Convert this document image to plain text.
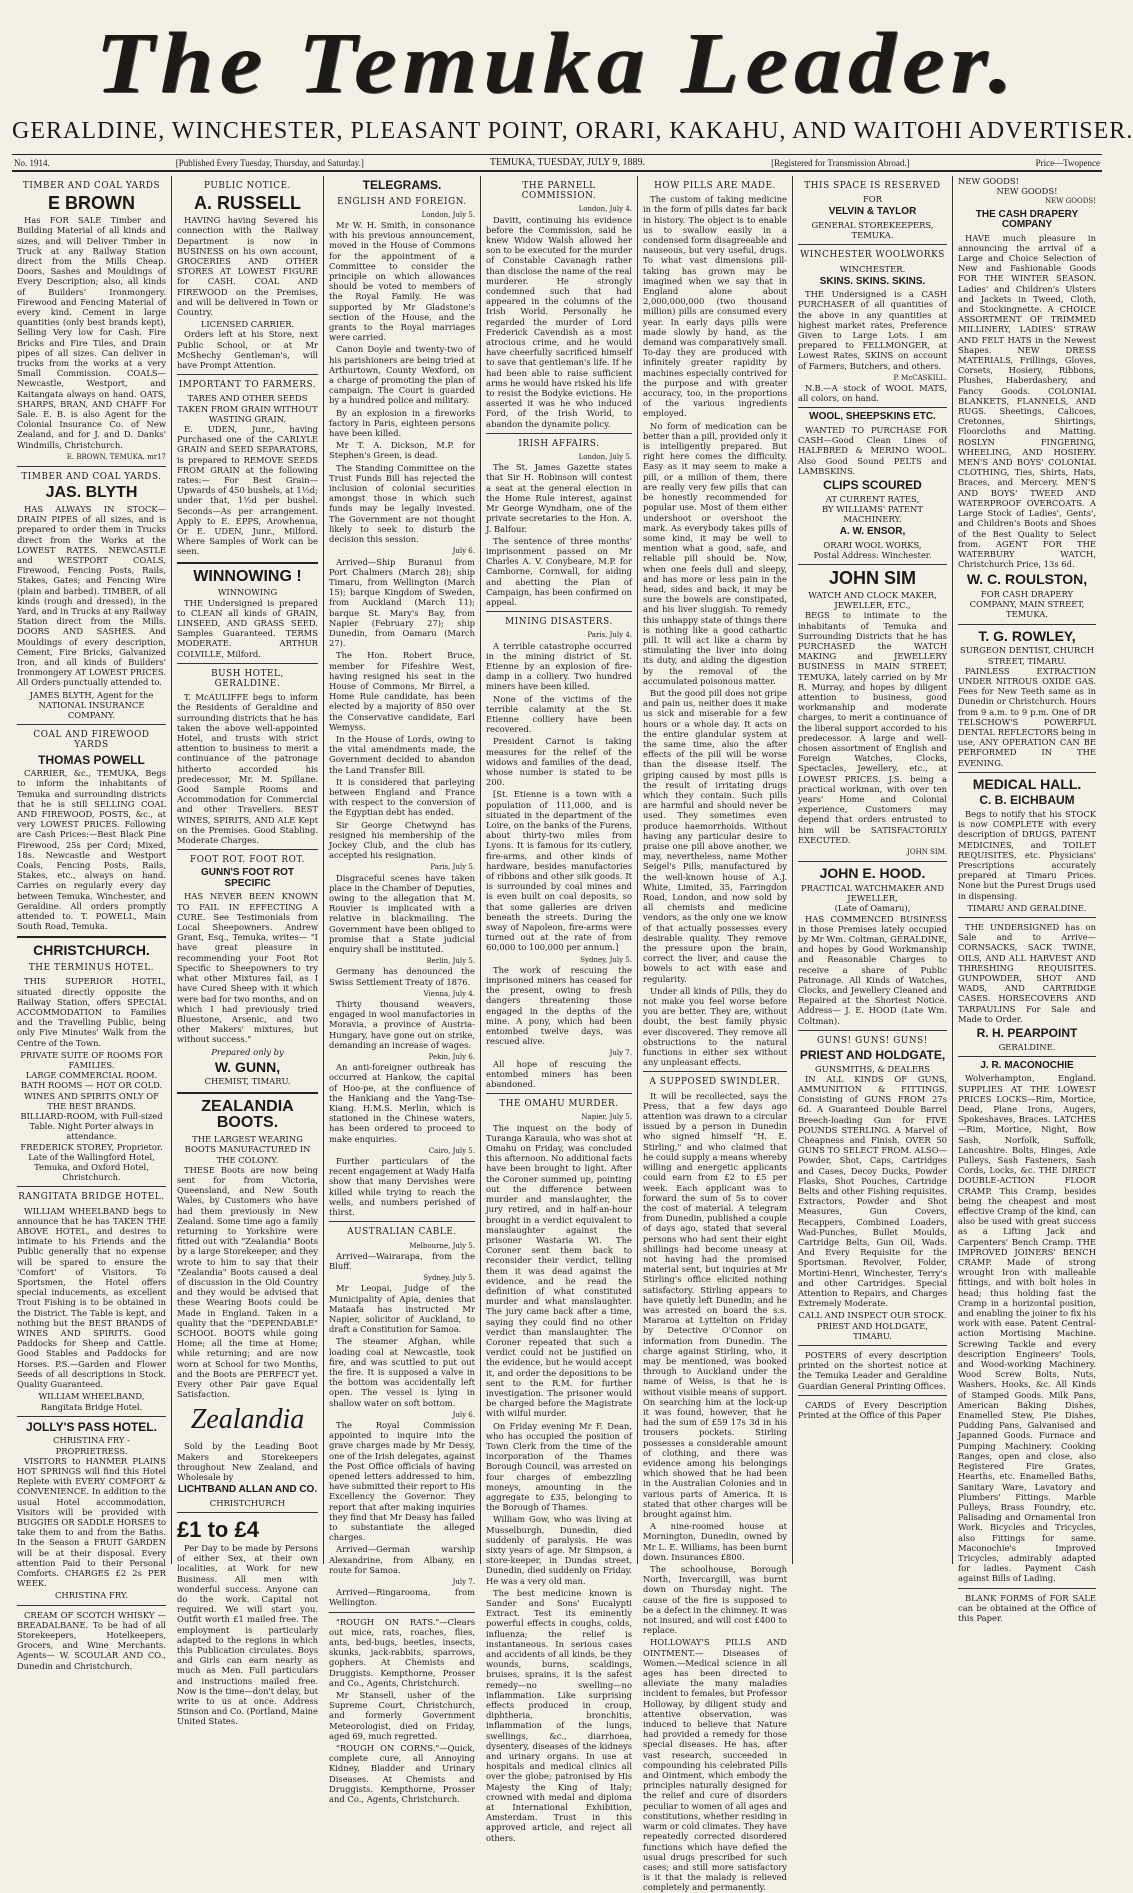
The Temuka Leader.
GERALDINE, WINCHESTER, PLEASANT POINT, ORARI, KAKAHU, AND WAITOHI ADVERTISER.
No. 1914.	[Published Every Tuesday, Thursday, and Saturday.]	TEMUKA, TUESDAY, JULY 9, 1889.	[Registered for Transmission Abroad.]	Price—Twopence
TIMBER AND COAL YARDS
E BROWN
Has FOR SALE Timber and Building Material of all kinds and sizes, and will Deliver Timber in Truck at any Railway Station direct from the Mills Cheap. Doors, Sashes and Mouldings of Every Description; also, all kinds of Builders' Ironmongery. Firewood and Fencing Material of every kind. Cement in large quantities (only best brands kept), Selling Very low for Cash. Fire Bricks and Fire Tiles, and Drain pipes of all sizes. Can deliver in trucks from the works at a very Small Commission. COALS—Newcastle, Westport, and Kaitangata always on hand. OATS, SHARPS, BRAN, AND CHAFF For Sale. E. B. is also Agent for the Colonial Insurance Co. of New Zealand, and for J. and D. Danks' Windmills, Christchurch.
E. BROWN, TEMUKA, mr17
TIMBER AND COAL YARDS.
JAS. BLYTH
HAS ALWAYS IN STOCK— DRAIN PIPES of all sizes, and is prepared to order them in Trucks direct from the Works at the LOWEST RATES. NEWCASTLE and WESTPORT COALS, Firewood, Fencing Posts, Rails, Stakes, Gates; and Fencing Wire (plain and barbed). TIMBER, of all kinds (rough and dressed), in the Yard, and in Trucks at any Railway Station direct from the Mills. DOORS AND SASHES. And Mouldings of every description, Cement, Fire Bricks, Galvanized Iron, and all kinds of Builders' Ironmongery AT LOWEST PRICES. All Orders punctually attended to.
JAMES BLYTH, Agent for the NATIONAL INSURANCE COMPANY.
COAL AND FIREWOOD YARDS
THOMAS POWELL
CARRIER, &c., TEMUKA, Begs to inform the inhabitants of Temuka and surrounding districts that he is still SELLING COAL AND FIREWOOD, POSTS, &c., at very LOWEST PRICES. Following are Cash Prices:—Best Black Pine Firewood, 25s per Cord; Mixed, 18s. Newcastle and Westport Coals, Fencing Posts, Rails, Stakes, etc., always on hand. Carries on regularly every day between Temuka, Winchester, and Geraldine. All orders promptly attended to. T. POWELL, Main South Road, Temuka.
CHRISTCHURCH.
THE TERMINUS HOTEL.
THIS SUPERIOR HOTEL, situated directly opposite the Railway Station, offers SPECIAL ACCOMMODATION to Families and the Travelling Public, being only Five Minutes' Walk from the Centre of the Town.
PRIVATE SUITE OF ROOMS FOR FAMILIES.
LARGE COMMERCIAL ROOM.
BATH ROOMS — HOT OR COLD.
WINES AND SPIRITS ONLY OF THE BEST BRANDS.
BILLIARD-ROOM, with Full-sized Table. Night Porter always in attendance.
FREDERICK STOREY, Proprietor. Late of the Wallingford Hotel, Temuka, and Oxford Hotel, Christchurch.
RANGITATA BRIDGE HOTEL.
WILLIAM WHEELBAND begs to announce that he has TAKEN THE ABOVE HOTEL, and desires to intimate to his Friends and the Public generally that no expense will be spared to ensure the 'Comfort' of Visitors. To Sportsmen, the Hotel offers special inducements, as excellent Trout Fishing is to be obtained in the District. The Table is kept, and nothing but the BEST BRANDS of WINES AND SPIRITS. Good Paddocks for Sheep and Cattle. Good Stables and Paddocks for Horses. P.S.—Garden and Flower Seeds of all descriptions in Stock. Quality Guaranteed.
WILLIAM WHEELBAND, Rangitata Bridge Hotel.
JOLLY'S PASS HOTEL.
CHRISTINA FRY - PROPRIETRESS.
VISITORS to HANMER PLAINS HOT SPRINGS will find this Hotel Replete with EVERY COMFORT & CONVENIENCE. In addition to the usual Hotel accommodation, Visitors will be provided with BUGGIES OR SADDLE HORSES to take them to and from the Baths. In the Season a FRUIT GARDEN will be at their disposal. Every attention Paid to their Personal Comforts. CHARGES £2 2s PER WEEK.
CHRISTINA FRY.
CREAM OF SCOTCH WHISKY — BREADALBANE. To be had of all Storekeepers, Hotelkeepers, Grocers, and Wine Merchants. Agents— W. SCOULAR AND CO., Dunedin and Christchurch.
PUBLIC NOTICE.
A. RUSSELL
HAVING having Severed his connection with the Railway Department is now in BUSINESS on his own account, GROCERIES AND OTHER STORES AT LOWEST FIGURE for CASH. COAL AND FIREWOOD on the Premises, and will be delivered in Town or Country.
LICENSED CARRIER.
Orders left at his Store, next Public School, or at Mr McShechy Gentleman's, will have Prompt Attention.
IMPORTANT TO FARMERS.
TARES AND OTHER SEEDS TAKEN FROM GRAIN WITHOUT WASTING GRAIN.
E. UDEN, Junr., having Purchased one of the CARLYLE GRAIN and SEED SEPARATORS, is prepared to REMOVE SEEDS FROM GRAIN at the following rates:— For Best Grain—Upwards of 450 bushels, at 1½d; under that, 1½d per bushel. Seconds—As per arrangement. Apply to E. EPPS, Arowhenua, Or E. UDEN, Junr., Milford. Where Samples of Work can be seen.
WINNOWING !
WINNOWING
THE Undersigned is prepared to CLEAN all kinds of GRAIN, LINSEED, AND GRASS SEED. Samples Guaranteed. TERMS MODERATE. ARTHUR COLVILLE, Milford.
BUSH HOTEL, GERALDINE.
T. McAULIFFE begs to inform the Residents of Geraldine and surrounding districts that he has taken the above well-appointed Hotel, and trusts with strict attention to business to merit a continuance of the patronage hitherto accorded his predecessor, Mr. M. Spillane. Good Sample Rooms and Accommodation for Commercial and other Travellers. BEST WINES, SPIRITS, AND ALE Kept on the Premises. Good Stabling. Moderate Charges.
FOOT ROT. FOOT ROT.
GUNN'S FOOT ROT SPECIFIC
HAS NEVER BEEN KNOWN TO FAIL IN EFFECTING A CURE. See Testimonials from Local Sheepowners. Andrew Grant, Esq., Temuka, writes— "I have great pleasure in recommending your Foot Rot Specific to Sheepowners to try what other Mixtures fail, as I have Cured Sheep with it which were bad for two months, and on which I had previously tried Bluestone, Arsenic, and two other Makers' mixtures, but without success."
Prepared only by
W. GUNN,
CHEMIST, TIMARU.
ZEALANDIA BOOTS.
THE LARGEST WEARING BOOTS MANUFACTURED IN THE COLONY.
THESE Boots are now being sent for from Victoria, Queensland, and New South Wales, by Customers who have had them previously in New Zealand. Some time ago a family returning to Yorkshire were fitted out with "Zealandia" Boots by a large Storekeeper, and they wrote to him to say that their "Zealandia" Boots caused a deal of discussion in the Old Country and they would be advised that these Wearing Boots could be Made in England. Taken in a quality that the "DEPENDABLE" SCHOOL BOOTS while going Home; all the time at Home; while returning; and are now worn at School for two Months, and the Boots are PERFECT yet. Every other Pair gave Equal Satisfaction.
Zealandia
Sold by the Leading Boot Makers and Storekeepers throughout New Zealand, and Wholesale by
LICHTBAND ALLAN AND CO.
CHRISTCHURCH
£1 to £4
Per Day to be made by Persons of either Sex, at their own localities, at Work for new Business. All men with wonderful success. Anyone can do the work. Capital not required. We will start you. Outfit worth £1 mailed free. The employment is particularly adapted to the regions in which this Publication circulates. Boys and Girls can earn nearly as much as Men. Full particulars and instructions mailed free. Now is the time—don't delay, but write to us at once. Address Stinson and Co. (Portland, Maine United States.
TELEGRAMS.
ENGLISH AND FOREIGN.
London, July 5.
Mr W. H. Smith, in consonance with his previous announcement, moved in the House of Commons for the appointment of a Committee to consider the principle on which allowances should be voted to members of the Royal Family. He was supported by Mr Gladstone's section of the House, and the grants to the Royal marriages were carried.
Canon Doyle and twenty-two of his parishioners are being tried at Arthurtown, County Wexford, on a charge of promoting the plan of campaign. The Court is guarded by a hundred police and military.
By an explosion in a fireworks factory in Paris, eighteen persons have been killed.
Mr T. A. Dickson, M.P. for Stephen's Green, is dead.
The Standing Committee on the Trust Funds Bill has rejected the inclusion of colonial securities amongst those in which such funds may be legally invested. The Government are not thought likely to seek to disturb the decision this session.
July 6.
Arrived—Ship Buranui from Port Chalmers (March 28); ship Timaru, from Wellington (March 15); barque Kingdom of Sweden, from Auckland (March 11); barque St. Mary's Bay, from Napier (February 27); ship Dunedin, from Oamaru (March 27).
The Hon. Robert Bruce, member for Fifeshire West, having resigned his seat in the House of Commons, Mr Birrel, a Home Rule candidate, has been elected by a majority of 850 over the Conservative candidate, Earl Wemyss.
In the House of Lords, owing to the vital amendments made, the Government decided to abandon the Land Transfer Bill.
It is considered that parleying between England and France with respect to the conversion of the Egyptian debt has ended.
Sir George Chetwynd has resigned his membership of the Jockey Club, and the club has accepted his resignation.
Paris, July 5.
Disgraceful scenes have taken place in the Chamber of Deputies, owing to the allegation that M. Rouvier is implicated with a relative in blackmailing. The Government have been obliged to promise that a State judicial enquiry shall be instituted.
Berlin, July 5.
Germany has denounced the Swiss Settlement Treaty of 1876.
Vienna, July 4.
Thirty thousand weavers, engaged in wool manufactories in Moravia, a province of Austria-Hungary, have gone out on strike, demanding an increase of wages.
Pekin, July 6.
An anti-foreigner outbreak has occurred at Hankow, the capital of Hoo-pe, at the confluence of the Hankiang and the Yang-Tse-Kiang. H.M.S. Merlin, which is stationed in the Chinese waters, has been ordered to proceed to make enquiries.
Cairo, July 5.
Further particulars of the recent engagement at Wady Haifa show that many Dervishes were killed while trying to reach the wells, and numbers perished of thirst.
AUSTRALIAN CABLE.
Melbourne, July 5.
Arrived—Wairarapa, from the Bluff.
Sydney, July 5.
Mr Leopai, Judge of the Municipality of Apia, denies that Mataafa has instructed Mr Napier, solicitor of Auckland, to draft a Constitution for Samoa.
The steamer Afghan, while loading coal at Newcastle, took fire, and was scuttled to put out the fire. It is supposed a valve in the bottom was accidentally left open. The vessel is lying in shallow water on soft bottom.
July 6.
The Royal Commission appointed to inquire into the grave charges made by Mr Dessy, one of the Irish delegates, against the Post Office officials of having opened letters addressed to him, have submitted their report to His Excellency the Governor. They report that after making inquiries they find that Mr Deasy has failed to substantiate the alleged charges.
Arrived—German warship Alexandrine, from Albany, en route for Samoa.
July 7.
Arrived—Ringarooma, from Wellington.
"ROUGH ON RATS."—Clears out mice, rats, roaches, flies, ants, bed-bugs, beetles, insects, skunks, jack-rabbits, sparrows, gophers. At Chemists and Druggists. Kempthorne, Prosser and Co., Agents, Christchurch.
Mr Stansell, usher of the Supreme Court, Christchurch, and formerly Government Meteorologist, died on Friday, aged 69, much regretted.
"ROUGH ON CORNS."—Quick, complete cure, all Annoying Kidney, Bladder and Urinary Diseases. At Chemists and Druggists. Kempthorne, Prosser and Co., Agents, Christchurch.
THE PARNELL COMMISSION.
London, July 4.
Davitt, continuing his evidence before the Commission, said he knew Widow Walsh allowed her son to be executed for the murder of Constable Cavanagh rather than disclose the name of the real murderer. He strongly condemned such that had appeared in the columns of the Irish World. Personally he regarded the murder of Lord Frederick Cavendish as a most atrocious crime, and he would have cheerfully sacrificed himself to save that gentleman's life. If he had been able to raise sufficient arms he would have risked his life to resist the Bodyke evictions. He asserted it was he who induced Ford, of the Irish World, to abandon the dynamite policy.
IRISH AFFAIRS.
London, July 5.
The St. James Gazette states that Sir H. Robinson will contest a seat at the general election in the Home Rule interest, against Mr George Wyndham, one of the private secretaries to the Hon. A. J. Balfour.
The sentence of three months' imprisonment passed on Mr Charles A. V. Conybeare, M.P. for Camborne, Cornwall, for aiding and abetting the Plan of Campaign, has been confirmed on appeal.
MINING DISASTERS.
Paris, July 4.
A terrible catastrophe occurred in the mining district of St. Etienne by an explosion of fire-damp in a colliery. Two hundred miners have been killed.
None of the victims of the terrible calamity at the St. Etienne colliery have been recovered.
President Carnot is taking measures for the relief of the widows and families of the dead, whose number is stated to be 200.
[St. Etienne is a town with a population of 111,000, and is situated in the department of the Loire, on the banks of the Furens, about thirty-two miles from Lyons. It is famous for its cutlery, fire-arms, and other kinds of hardware, besides manufactories of ribbons and other silk goods. It is surrounded by coal mines and is even built on coal deposits, so that some galleries are driven beneath the streets. During the sway of Napoleon, fire-arms were turned out at the rate of from 60,000 to 100,000 per annum.]
Sydney, July 5.
The work of rescuing the imprisoned miners has ceased for the present, owing to fresh dangers threatening those engaged in the depths of the mine. A pony, which had been entombed twelve days, was rescued alive.
July 7.
All hope of rescuing the entombed miners has been abandoned.
THE OMAHU MURDER.
Napier, July 5.
The inquest on the body of Turanga Karauia, who was shot at Omahu on Friday, was concluded this afternoon. No additional facts have been brought to light. After the Coroner summed up, pointing out the difference between murder and manslaughter, the jury retired, and in half-an-hour brought in a verdict equivalent to manslaughter against the prisoner Wastaria Wi. The Coroner sent them back to reconsider their verdict, telling them it was dead against the evidence, and he read the definition of what constituted murder and what manslaughter. The jury came back after a time, saying they could find no other verdict than manslaughter. The Coroner repeated that such a verdict could not be justified on the evidence, but he would accept it, and order the depositions to be sent to the R.M. for further investigation. The prisoner would be charged before the Magistrate with wilful murder.
On Friday evening Mr F. Dean, who has occupied the position of Town Clerk from the time of the incorporation of the Thames Borough Council, was arrested on four charges of embezzling moneys, amounting in the aggregate to £35, belonging to the Borough of Thames.
William Gow, who was living at Musselburgh, Dunedin, died suddenly of paralysis. He was sixty years of age. Mr Simpson, a store-keeper, in Dundas street, Dunedin, died suddenly on Friday. He was a very old man.
The best medicine known is Sander and Sons' Eucalypti Extract. Test its eminently powerful effects in coughs, colds, influenza; the relief is instantaneous. In serious cases and accidents of all kinds, be they wounds, burns, scaldings, bruises, sprains, it is the safest remedy—no swelling—no inflammation. Like surprising effects produced in croup, diphtheria, bronchitis, inflammation of the lungs, swellings, &c., diarrhoea, dysentery, diseases of the kidneys and urinary organs. In use at hospitals and medical clinics all over the globe; patronised by His Majesty the King of Italy; crowned with medal and diploma at International Exhibition, Amsterdam. Trust in this approved article, and reject all others.
HOW PILLS ARE MADE.
The custom of taking medicine in the form of pills dates far back in history. The object is to enable us to swallow easily in a condensed form disagreeable and nauseous, but very useful, drugs. To what vast dimensions pill-taking has grown may be imagined when we say that in England alone about 2,000,000,000 (two thousand million) pills are consumed every year. In early days pills were made slowly by hand, as the demand was comparatively small. To-day they are produced with infinitely greater rapidity by machines especially contrived for the purpose and with greater accuracy, too, in the proportions of the various ingredients employed.
No form of medication can be better than a pill, provided only it is intelligently prepared. But right here comes the difficulty. Easy as it may seem to make a pill, or a million of them, there are really very few pills that can be honestly recommended for popular use. Most of them either undershoot or overshoot the mark. As everybody takes pills of some kind, it may be well to mention what a good, safe, and reliable pill should be. Now, when one feels dull and sleepy, and has more or less pain in the head, sides and back, it may be sure the bowels are constipated, and his liver sluggish. To remedy this unhappy state of things there is nothing like a good cathartic pill. It will act like a charm by stimulating the liver into doing its duty, and aiding the digestion by the removal of the accumulated poisonous matter.
But the good pill does not gripe and pain us, neither does it make us sick and miserable for a few hours or a whole day. It acts on the entire glandular system at the same time, also the after effects of the pill will be worse than the disease itself. The griping caused by most pills is the result of irritating drugs which they contain. Such pills are harmful and should never be used. They sometimes even produce haemorrhoids. Without having any particular desire to praise one pill above another, we may, nevertheless, name Mother Seigel's Pills, manufactured by the well-known house of A.J. White, Limited, 35, Farringdon Road, London, and now sold by all chemists and medicine vendors, as the only one we know of that actually possesses every desirable quality. They remove the pressure upon the brain, correct the liver, and cause the bowels to act with ease and regularity.
Under all kinds of Pills, they do not make you feel worse before you are better. They are, without doubt, the best family physic ever discovered. They remove all obstructions to the natural functions in either sex without any unpleasant effects.
A SUPPOSED SWINDLER.
It will be recollected, says the Press, that a few days ago attention was drawn to a circular issued by a person in Dunedin who signed himself "H. E. Stirling," and who claimed that he could supply a means whereby willing and energetic applicants could earn from £2 to £5 per week. Each applicant was to forward the sum of 5s to cover the cost of material. A telegram from Dunedin, published a couple of days ago, stated that several persons who had sent their eight shillings had become uneasy at not having had the promised material sent, but inquiries at Mr Stirling's office elicited nothing satisfactory. Stirling appears to have quietly left Dunedin, and he was arrested on board the s.s. Mararoa at Lyttelton on Friday by Detective O'Connor on information from Dunedin. The charge against Stirling, who, it may be mentioned, was booked through to Auckland under the name of Weiss, is that he is without visible means of support. On searching him at the lock-up it was found, however, that he had the sum of £59 17s 3d in his trousers pockets. Stirling possesses a considerable amount of clothing, and there was evidence among his belongings which showed that he had been in the Australian Colonies and in various parts of America. It is stated that other charges will be brought against him.
A nine-roomed house at Mornington, Dunedin, owned by Mr L. E. Williams, has been burnt down. Insurances £800.
The schoolhouse, Borough North, Invercargill, was burnt down on Thursday night. The cause of the fire is supposed to be a defect in the chimney. It was not insured, and will cost £400 to replace.
HOLLOWAY'S PILLS AND OINTMENT.— Diseases of Women.—Medical science in all ages has been directed to alleviate the many maladies incident to females, but Professor Holloway, by diligent study and attentive observation, was induced to believe that Nature had provided a remedy for those special diseases. He has, after vast research, succeeded in compounding his celebrated Pills and Ointment, which embody the principles naturally designed for the relief and cure of disorders peculiar to women of all ages and constitutions, whether residing in warm or cold climates. They have repeatedly corrected disordered functions which have defied the usual drugs prescribed for such cases; and still more satisfactory is it that the malady is relieved completely and permanently.
THIS SPACE IS RESERVED
FOR
VELVIN & TAYLOR
GENERAL STOREKEEPERS,
TEMUKA.
WINCHESTER WOOLWORKS
WINCHESTER.
SKINS. SKINS. SKINS.
THE Undersigned is a CASH PURCHASER of all quantities of the above in any quantities at highest market rates, Preference Given to Large Lots. I am prepared to FELLMONGER, at Lowest Rates, SKINS on account of Farmers, Butchers, and others.
P. McCASKILL.
N.B.—A stock of WOOL MATS, all colors, on hand.
WOOL, SHEEPSKINS ETC.
WANTED TO PURCHASE FOR CASH—Good Clean Lines of HALFBRED & MERINO WOOL. Also Good Sound PELTS and LAMBSKINS.
CLIPS SCOURED
AT CURRENT RATES,
BY WILLIAMS' PATENT MACHINERY.
A. W. ENSOR,
ORARI WOOL WORKS,
Postal Address: Winchester.
JOHN SIM
WATCH AND CLOCK MAKER, JEWELLER, ETC.,
BEGS to intimate to the inhabitants of Temuka and Surrounding Districts that he has PURCHASED the WATCH MAKING and JEWELLERY BUSINESS in MAIN STREET, TEMUKA, lately carried on by Mr R. Murray, and hopes by diligent attention to business, good workmanship and moderate charges, to merit a continuance of the liberal support accorded to his predecessor. A large and well-chosen assortment of English and Foreign Watches, Clocks, Spectacles, Jewellery, etc., at LOWEST PRICES. J.S. being a practical workman, with over ten years' Home and Colonial experience, Customers may depend that orders entrusted to him will be SATISFACTORILY EXECUTED.
JOHN SIM.
JOHN E. HOOD.
PRACTICAL WATCHMAKER AND JEWELLER,
(Late of Oamaru),
HAS COMMENCED BUSINESS in those Premises lately occupied by Mr Wm. Coltman, GERALDINE, and hopes by Good Workmanship and Reasonable Charges to receive a share of Public Patronage. All Kinds of Watches, Clocks, and Jewellery Cleaned and Repaired at the Shortest Notice. Address— J. E. HOOD (Late Wm. Coltman).
GUNS! GUNS! GUNS!
PRIEST AND HOLDGATE,
GUNSMITHS, & DEALERS
IN ALL KINDS OF GUNS, AMMUNITION & FITTINGS. Consisting of GUNS FROM 27s 6d. A Guaranteed Double Barrel Breech-loading Gun for FIVE POUNDS STERLING. A Marvel of Cheapness and Finish. OVER 50 GUNS TO SELECT FROM. ALSO— Powder, Shot, Caps, Cartridges and Cases, Decoy Ducks, Powder Flasks, Shot Pouches, Cartridge Belts and other Fishing requisites. Extractors, Powder and Shot Measures, Gun Covers, Recappers, Combined Loaders, Wad-Punches, Bullet Moulds, Cartridge Belts, Gun Oil, Wads. And Every Requisite for the Sportsman. Revolver, Folder, Mortini-Henri, Winchester, Terry's and other Cartridges. Special Attention to Repairs, and Charges Extremely Moderate.
CALL AND INSPECT OUR STOCK.
PRIEST AND HOLDGATE, TIMARU.
POSTERS of every description printed on the shortest notice at the Temuka Leader and Geraldine Guardian General Printing Offices.
CARDS of Every Description Printed at the Office of this Paper
NEW GOODS!
NEW GOODS!
NEW GOODS!
THE CASH DRAPERY COMPANY
HAVE much pleasure in announcing the arrival of a Large and Choice Selection of New and Fashionable Goods FOR THE WINTER SEASON. Ladies' and Children's Ulsters and Jackets in Tweed, Cloth, and Stockingnette. A CHOICE ASSORTMENT OF TRIMMED MILLINERY, LADIES' STRAW AND FELT HATS in the Newest Shapes. NEW DRESS MATERIALS, Frillings, Gloves, Corsets, Hosiery, Ribbons, Plushes, Haberdashery, and Fancy Goods. COLONIAL BLANKETS, FLANNELS, AND RUGS. Sheetings, Calicoes, Cretonnes, Shirtings, Floorcloths and Matting. ROSLYN FINGERING, WHEELING, AND HOSIERY. MEN'S AND BOYS' COLONIAL CLOTHING, Ties, Shirts, Hats, Braces, and Mercery. MEN'S AND BOYS' TWEED AND WATERPROOF OVERCOATS. A Large Stock of Ladies', Gents', and Children's Boots and Shoes of the Best Quality to Select from. AGENT FOR THE WATERBURY WATCH, Christchurch Price, 13s 6d.
W. C. ROULSTON,
FOR CASH DRAPERY COMPANY, MAIN STREET, TEMUKA.
T. G. ROWLEY,
SURGEON DENTIST, CHURCH STREET, TIMARU.
PAINLESS EXTRACTION UNDER NITROUS OXIDE GAS. Fees for New Teeth same as in Dunedin or Christchurch. Hours from 9 a.m. to 9 p.m. One of DR TELSCHOW'S POWERFUL DENTAL REFLECTORS being in use, ANY OPERATION CAN BE PERFORMED IN THE EVENING.
MEDICAL HALL.
C. B. EICHBAUM
Begs to notify that his STOCK is now COMPLETE with every description of DRUGS, PATENT MEDICINES, and TOILET REQUISITES, etc. Physicians' Prescriptions accurately prepared at Timaru Prices. None but the Purest Drugs used in dispensing.
TIMARU AND GERALDINE.
THE UNDERSIGNED has on Sale and to Arrive— CORNSACKS, SACK TWINE, OILS, AND ALL HARVEST AND THRESHING REQUISITES. GUNPOWDER, SHOT AND WADS, AND CARTRIDGE CASES. HORSECOVERS AND TARPAULINS For Sale and Made to Order.
R. H. PEARPOINT
GERALDINE.
J. R. MACONOCHIE
Wolverhampton, England. SUPPLIES AT THE LOWEST PRICES LOCKS—Rim, Mortice, Dead, Plane Irons, Augers, Spokeshaves, Braces. LATCHES—Rim, Mortice, Night, Bow Sash, Norfolk, Suffolk, Lancashire. Bolts, Hinges, Axle Pulleys, Sash Fasteners, Sash Cords, Locks, &c. THE DIRECT DOUBLE-ACTION FLOOR CRAMP. This Cramp, besides being the cheapest and most effective Cramp of the kind, can also be used with great success as a Lifting Jack and Carpenters' Bench Cramp. THE IMPROVED JOINERS' BENCH CRAMP. Made of strong wrought Iron with malleable fittings, and with bolt holes in head; thus holding fast the Cramp in a horizontal position, and enabling the joiner to fix his work with ease. Patent Central-action Mortising Machine. Screwing Tackle and every description Engineers' Tools, and Wood-working Machinery. Wood Screw Bolts, Nuts, Washers, Hooks, &c. All Kinds of Stamped Goods. Milk Pans, American Baking Dishes, Enamelled Stew, Pie Dishes, Pudding Pans, Galvanised and Japanned Goods. Furnace and Pumping Machinery. Cooking Ranges, open and close, also Registered Fire Grates, Hearths, etc. Enamelled Baths, Sanitary Ware, Lavatory and Plumbers' Fittings. Marble Pulleys, Brass Foundry, etc. Palisading and Ornamental Iron Work. Bicycles and Tricycles, also Fittings for same. Maconochie's Improved Tricycles, admirably adapted for ladies. Payment Cash against Bills of Lading.
BLANK FORMS of FOR SALE can be obtained at the Office of this Paper.
